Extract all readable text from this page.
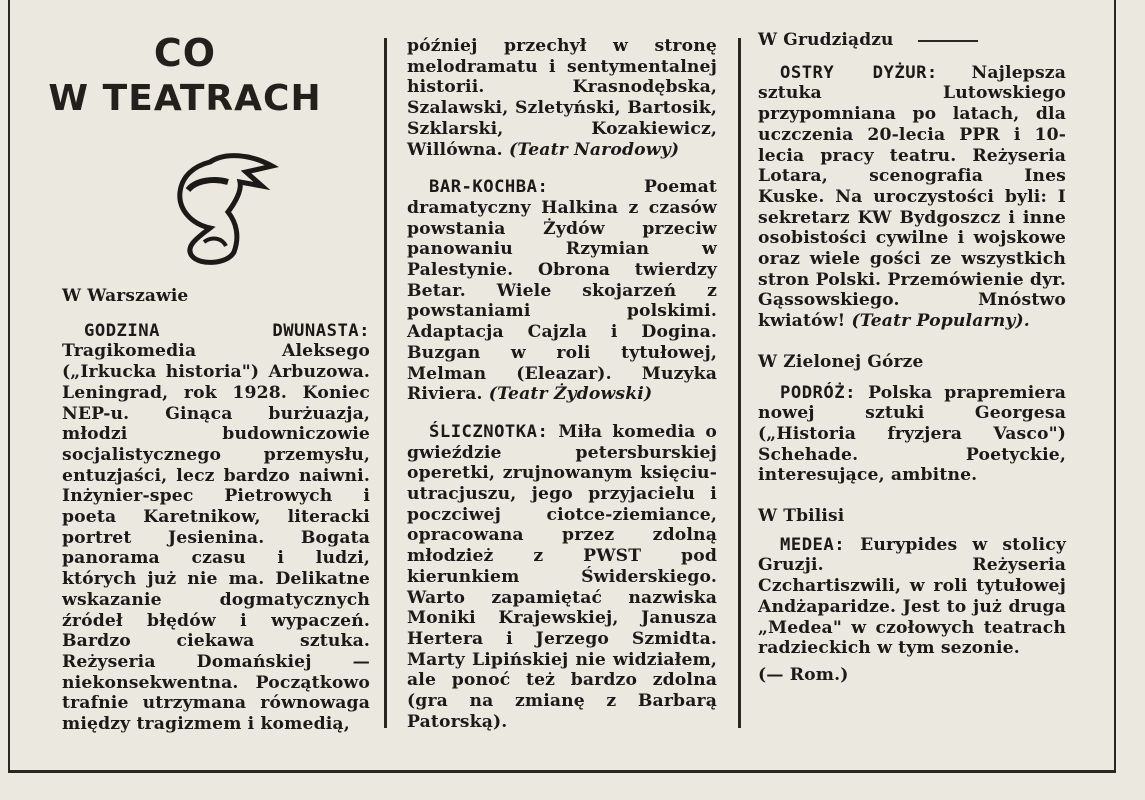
CO
W TEATRACH

W Warszawie

GODZINA DWUNASTA: Tragikomedia Aleksego („Irkucka historia") Arbuzowa. Leningrad, rok 1928. Koniec NEP-u. Ginąca burżuazja, młodzi budowniczowie socjalistycznego przemysłu, entuzjaści, lecz bardzo naiwni. Inżynier-spec Pietrowych i poeta Karetnikow, literacki portret Jesienina. Bogata panorama czasu i ludzi, których już nie ma. Delikatne wskazanie dogmatycznych źródeł błędów i wypaczeń. Bardzo ciekawa sztuka. Reżyseria Domańskiej — niekonsekwentna. Początkowo trafnie utrzymana równowaga między tragizmem i komedią,

później przechył w stronę melodramatu i sentymentalnej historii. Krasnodębska, Szalawski, Szletyński, Bartosik, Szklarski, Kozakiewicz, Willówna. (Teatr Narodowy)

BAR-KOCHBA:	Poemat dramatyczny Halkina z czasów powstania Żydów przeciw panowaniu Rzymian w Palestynie. Obrona twierdzy Betar. Wiele skojarzeń z powstaniami polskimi. Adaptacja Cajzla i Dogina. Buzgan w roli tytułowej, Melman (Eleazar). Muzyka Riviera. (Teatr Żydowski)

ŚLICZNOTKA: Miła komedia o gwieździe petersburskiej operetki, zrujnowanym księciu-utracjuszu, jego przyjacielu i poczciwej ciotce-ziemiance, opracowana przez zdolną młodzież z PWST pod kierunkiem Świderskiego. Warto zapamiętać nazwiska Moniki Krajewskiej, Janusza Hertera i Jerzego Szmidta. Marty Lipińskiej nie widziałem, ale ponoć też bardzo zdolna (gra na zmianę z Barbarą Patorską).

W Grudziądzu

OSTRY DYŻUR: Najlepsza sztuka Lutowskiego przypomniana po latach, dla uczczenia 20-lecia PPR i 10-lecia pracy teatru. Reżyseria Lotara, scenografia Ines Kuske. Na uroczystości byli: I sekretarz KW Bydgoszcz i inne osobistości cywilne i wojskowe oraz wiele gości ze wszystkich stron Polski. Przemówienie dyr. Gąssowskiego. Mnóstwo kwiatów! (Teatr Popularny).

W Zielonej Górze

PODRÓŻ: Polska prapremiera nowej sztuki Georgesa („Historia fryzjera Vasco") Schehade. Poetyckie, interesujące, ambitne.

W Tbilisi

MEDEA: Eurypides w stolicy Gruzji. Reżyseria Czchartiszwili, w roli tytułowej Andżaparidze. Jest to już druga „Medea" w czołowych teatrach radzieckich w tym sezonie.

(— Rom.)
